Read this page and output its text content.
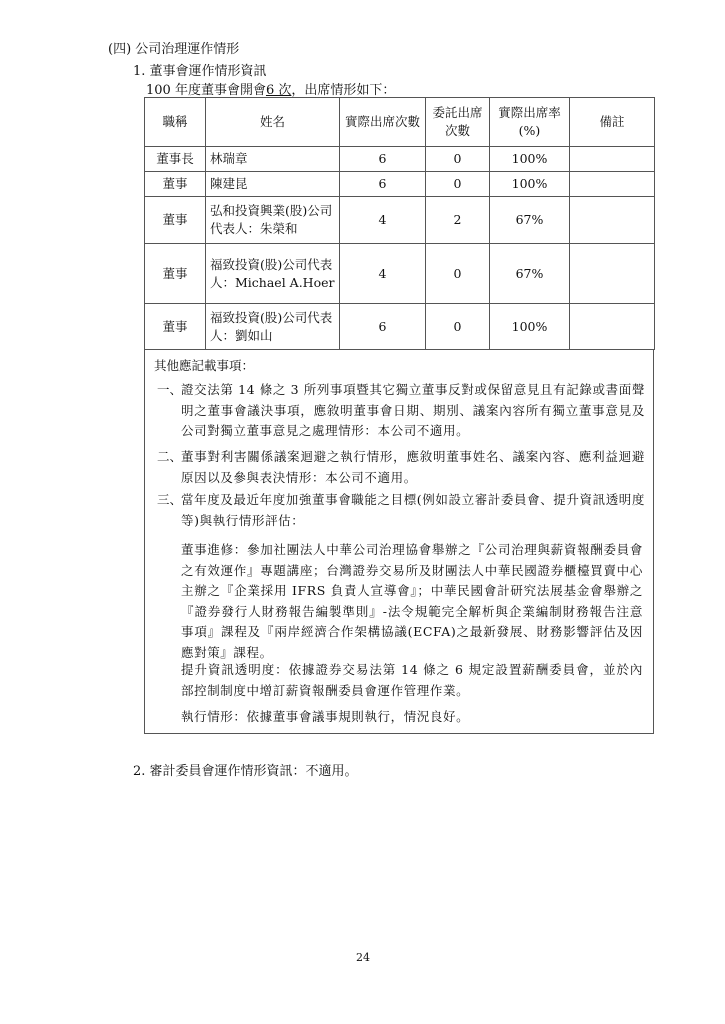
(四) 公司治理運作情形
1. 董事會運作情形資訊
100 年度董事會開會6 次，出席情形如下：
職稱	姓名	實際出席次數	委託出席次數	實際出席率(%)	備註
董事長	林瑞章	6	0	100%	
董事	陳建昆	6	0	100%	
董事	弘和投資興業(股)公司代表人：朱榮和	4	2	67%	
董事	福致投資(股)公司代表人：Michael A.Hoer	4	0	67%	
董事	福致投資(股)公司代表人：劉如山	6	0	100%	
其他應記載事項：
一、
證交法第 14 條之 3 所列事項暨其它獨立董事反對或保留意見且有記錄或書面聲明之董事會議決事項，應敘明董事會日期、期別、議案內容所有獨立董事意見及公司對獨立董事意見之處理情形：本公司不適用。
二、
董事對利害關係議案迴避之執行情形，應敘明董事姓名、議案內容、應利益迴避原因以及參與表決情形：本公司不適用。
三、
當年度及最近年度加強董事會職能之目標(例如設立審計委員會、提升資訊透明度等)與執行情形評估：
董事進修：參加社團法人中華公司治理協會舉辦之『公司治理與薪資報酬委員會之有效運作』專題講座；台灣證券交易所及財團法人中華民國證券櫃檯買賣中心主辦之『企業採用 IFRS 負責人宣導會』；中華民國會計研究法展基金會舉辦之『證券發行人財務報告編製準則』-法令規範完全解析與企業編制財務報告注意事項』課程及『兩岸經濟合作架構協議(ECFA)之最新發展、財務影響評估及因應對策』課程。
提升資訊透明度：依據證券交易法第 14 條之 6 規定設置薪酬委員會，並於內部控制制度中增訂薪資報酬委員會運作管理作業。
執行情形：依據董事會議事規則執行，情況良好。
2. 審計委員會運作情形資訊：不適用。
24
